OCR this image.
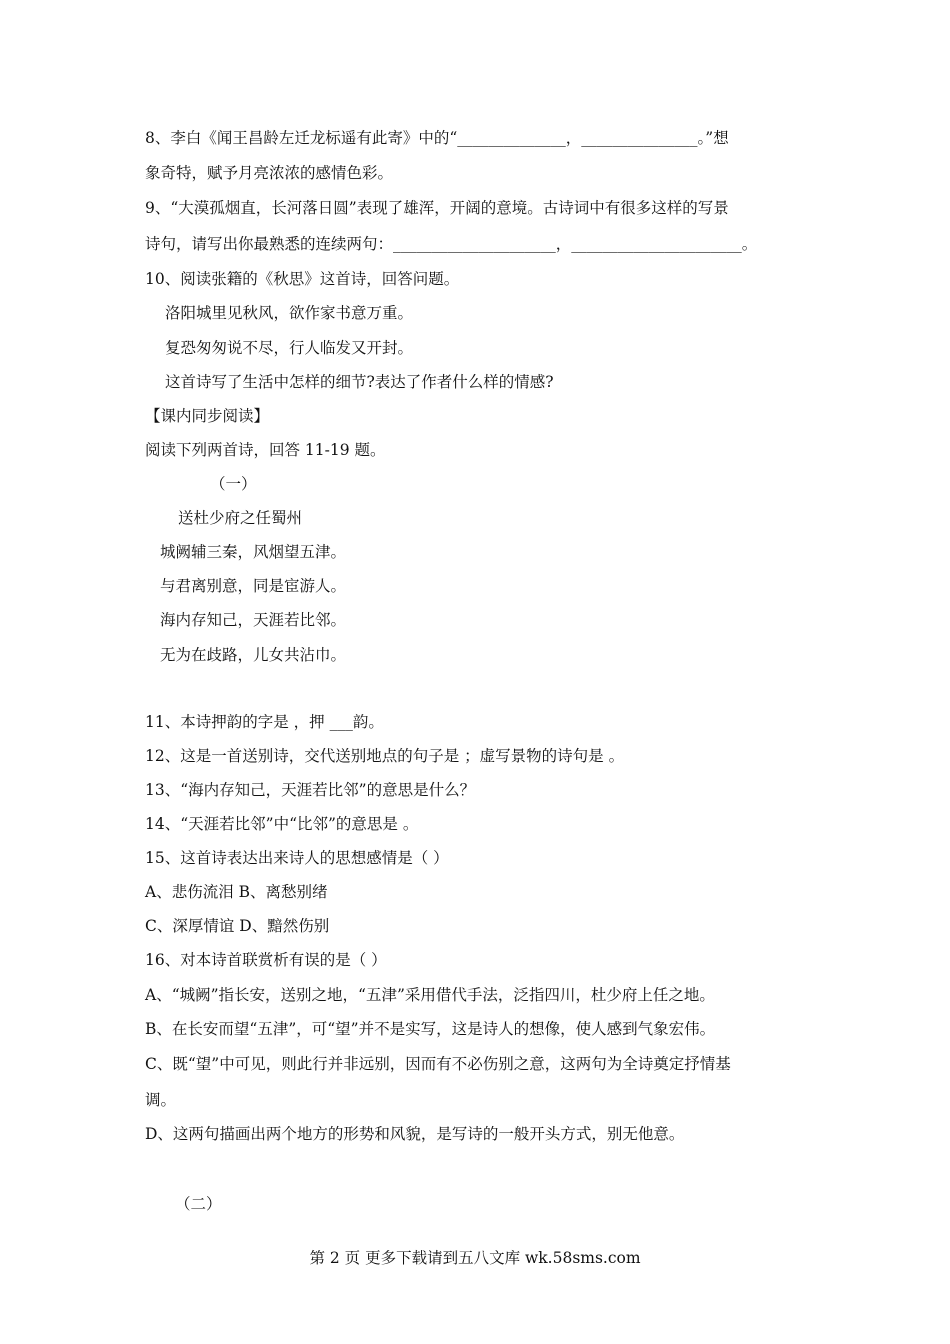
8、李白《闻王昌龄左迁龙标遥有此寄》中的“______________，_______________。”想
象奇特，赋予月亮浓浓的感情色彩。
9、“大漠孤烟直，长河落日圆”表现了雄浑，开阔的意境。古诗词中有很多这样的写景
诗句，请写出你最熟悉的连续两句：_____________________，______________________。
10、阅读张籍的《秋思》这首诗，回答问题。
洛阳城里见秋风，欲作家书意万重。
复恐匆匆说不尽，行人临发又开封。
这首诗写了生活中怎样的细节?表达了作者什么样的情感?
【课内同步阅读】
阅读下列两首诗，回答 11-19 题。
（一）
送杜少府之任蜀州
城阙辅三秦，风烟望五津。
与君离别意，同是宦游人。
海内存知己，天涯若比邻。
无为在歧路，儿女共沾巾。
11、本诗押韵的字是 ，押 ___韵。
12、这是一首送别诗，交代送别地点的句子是 ；虚写景物的诗句是 。
13、“海内存知己，天涯若比邻”的意思是什么？
14、“天涯若比邻”中“比邻”的意思是 。
15、这首诗表达出来诗人的思想感情是（ ）
A、悲伤流泪 B、离愁别绪
C、深厚情谊 D、黯然伤别
16、对本诗首联赏析有误的是（ ）
A、“城阙”指长安，送别之地，“五津”采用借代手法，泛指四川，杜少府上任之地。
B、在长安而望“五津”，可“望”并不是实写，这是诗人的想像，使人感到气象宏伟。
C、既“望”中可见，则此行并非远别，因而有不必伤别之意，这两句为全诗奠定抒情基
调。
D、这两句描画出两个地方的形势和风貌，是写诗的一般开头方式，别无他意。
（二）
第 2 页 更多下载请到五八文库 wk.58sms.com
